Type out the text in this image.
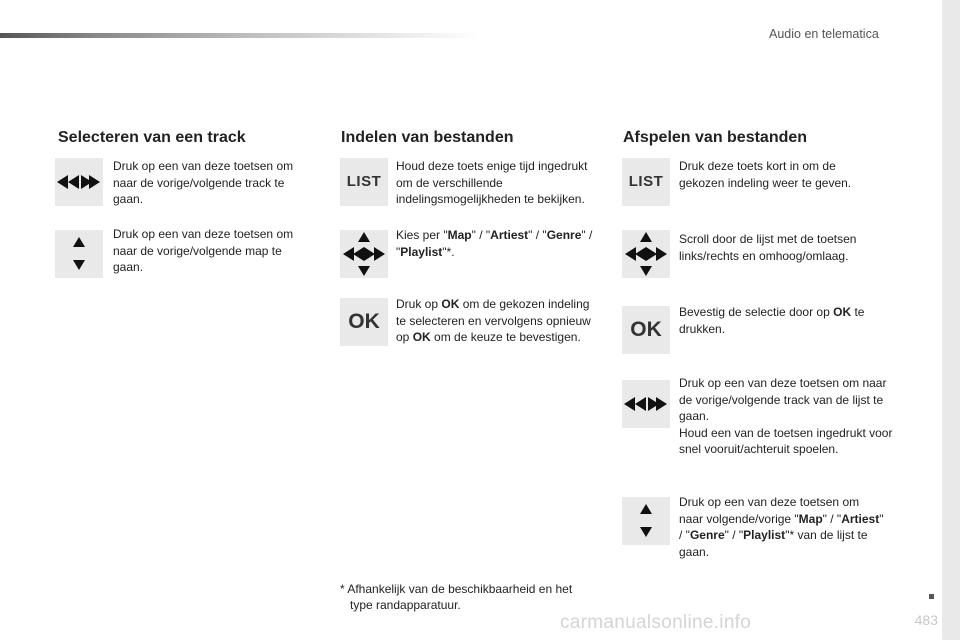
Audio en telematica
Selecteren van een track
Druk op een van deze toetsen om naar de vorige/volgende track te gaan.
Druk op een van deze toetsen om naar de vorige/volgende map te gaan.
Indelen van bestanden
LIST
Houd deze toets enige tijd ingedrukt om de verschillende indelingsmogelijkheden te bekijken.
Kies per "Map" / "Artiest" / "Genre" / "Playlist"*.
OK
Druk op OK om de gekozen indeling te selecteren en vervolgens opnieuw op OK om de keuze te bevestigen.
Afspelen van bestanden
LIST
Druk deze toets kort in om de gekozen indeling weer te geven.
Scroll door de lijst met de toetsen links/rechts en omhoog/omlaag.
OK
Bevestig de selectie door op OK te drukken.
Druk op een van deze toetsen om naar de vorige/volgende track van de lijst te gaan.
Houd een van de toetsen ingedrukt voor snel vooruit/achteruit spoelen.
Druk op een van deze toetsen om naar volgende/vorige "Map" / "Artiest" / "Genre" / "Playlist"* van de lijst te gaan.
* Afhankelijk van de beschikbaarheid en het
type randapparatuur.
483
carmanualsonline.info
